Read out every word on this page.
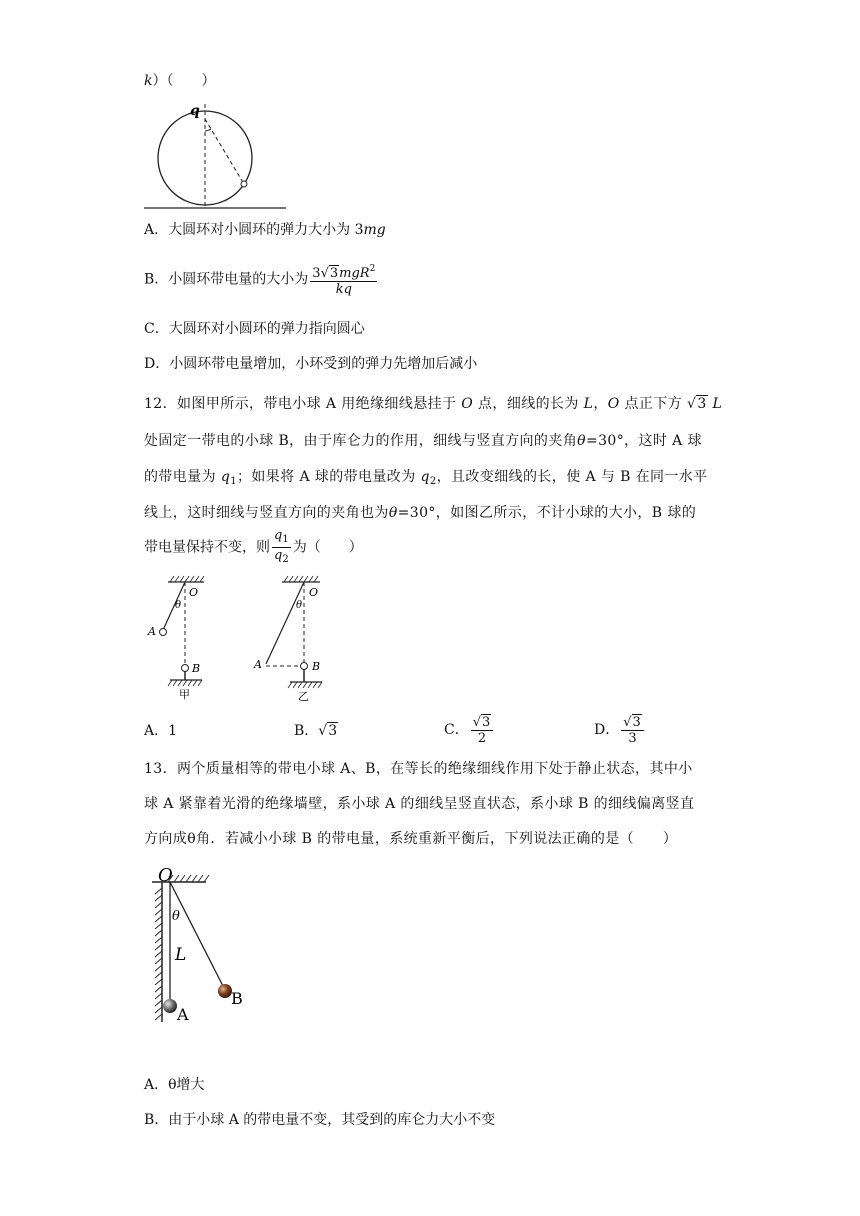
k）（　　）
q
A．大圆环对小圆环的弹力大小为 3mg
B．小圆环带电量的大小为 $\frac{3√3mgR^2}{kq}$
C．大圆环对小圆环的弹力指向圆心
D．小圆环带电量增加，小环受到的弹力先增加后减小
12．如图甲所示，带电小球 A 用绝缘细线悬挂于 O 点，细线的长为 L，O 点正下方 √3 L
处固定一带电的小球 B，由于库仑力的作用，细线与竖直方向的夹角θ=30°，这时 A 球
的带电量为 $q_1$；如果将 A 球的带电量改为 $q_2$，且改变细线的长，使 A 与 B 在同一水平
线上，这时细线与竖直方向的夹角也为θ=30°，如图乙所示，不计小球的大小，B 球的
带电量保持不变，则 $\frac{q_1}{q_2}$ 为（　　）
O
θ
A
B
甲
O
θ
A	B
乙
A．1	B．√3	C． $\frac{√3}{2}$	D． $\frac{√3}{3}$
13．两个质量相等的带电小球 A、B，在等长的绝缘细线作用下处于静止状态，其中小
球 A 紧靠着光滑的绝缘墙壁，系小球 A 的细线呈竖直状态，系小球 B 的细线偏离竖直
方向成θ角．若减小小球 B 的带电量，系统重新平衡后，下列说法正确的是（　　）
O
θ
L
A
B
A．θ增大
B．由于小球 A 的带电量不变，其受到的库仑力大小不变
